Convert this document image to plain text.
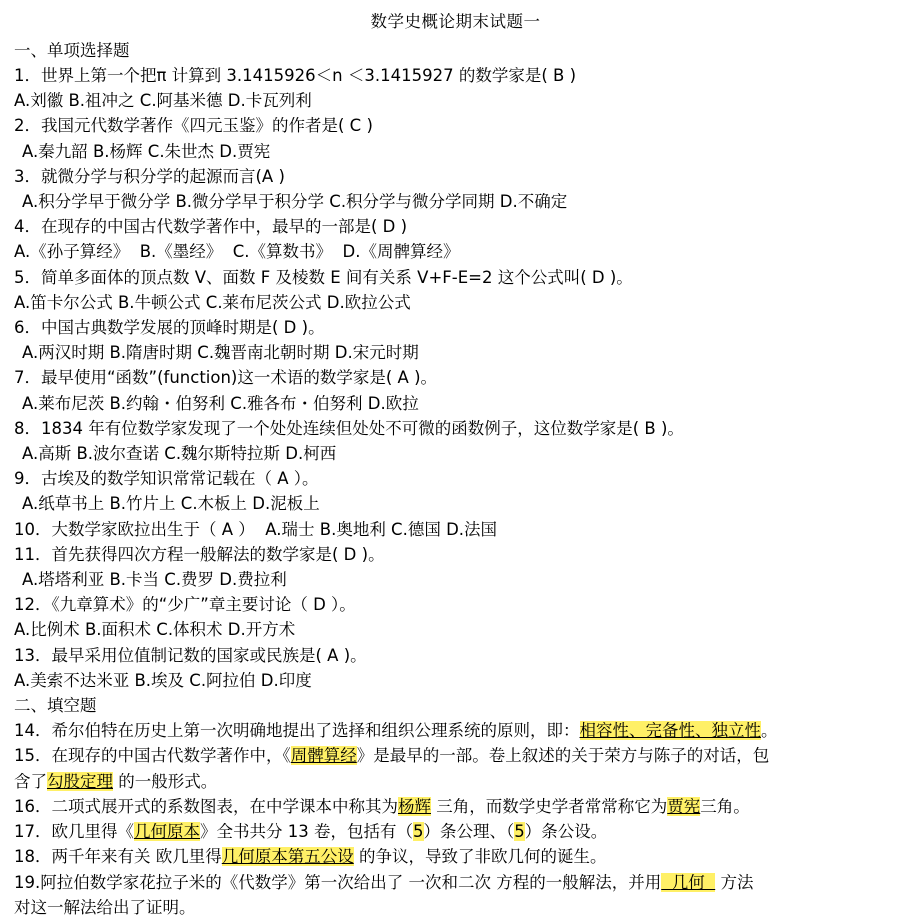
数学史概论期末试题一
一、单项选择题
1．世界上第一个把π 计算到 3.1415926＜n ＜3.1415927 的数学家是( B )
A.刘徽 B.祖冲之 C.阿基米德 D.卡瓦列利
2．我国元代数学著作《四元玉鉴》的作者是( C )
A.秦九韶 B.杨辉 C.朱世杰 D.贾宪
3．就微分学与积分学的起源而言(A )
A.积分学早于微分学 B.微分学早于积分学 C.积分学与微分学同期 D.不确定
4．在现存的中国古代数学著作中，最早的一部是( D )
A.《孙子算经》  B.《墨经》  C.《算数书》  D.《周髀算经》
5．简单多面体的顶点数 V、面数 F 及棱数 E 间有关系 V+F-E=2 这个公式叫( D )。
A.笛卡尔公式 B.牛顿公式 C.莱布尼茨公式 D.欧拉公式
6．中国古典数学发展的顶峰时期是( D )。
A.两汉时期 B.隋唐时期 C.魏晋南北朝时期 D.宋元时期
7．最早使用“函数”(function)这一术语的数学家是( A )。
A.莱布尼茨 B.约翰・伯努利 C.雅各布・伯努利 D.欧拉
8．1834 年有位数学家发现了一个处处连续但处处不可微的函数例子，这位数学家是( B )。
A.高斯 B.波尔查诺 C.魏尔斯特拉斯 D.柯西
9．古埃及的数学知识常常记载在（ A ）。
A.纸草书上 B.竹片上 C.木板上 D.泥板上
10．大数学家欧拉出生于（ A ）  A.瑞士 B.奥地利 C.德国 D.法国
11．首先获得四次方程一般解法的数学家是( D )。
A.塔塔利亚 B.卡当 C.费罗 D.费拉利
12．《九章算术》的“少广”章主要讨论（ D ）。
A.比例术 B.面积术 C.体积术 D.开方术
13．最早采用位值制记数的国家或民族是( A )。
A.美索不达米亚 B.埃及 C.阿拉伯 D.印度
二、填空题
14．希尔伯特在历史上第一次明确地提出了选择和组织公理系统的原则，即：相容性、完备性、独立性。
15．在现存的中国古代数学著作中，《周髀算经》是最早的一部。卷上叙述的关于荣方与陈子的对话，包
含了勾股定理 的一般形式。
16．二项式展开式的系数图表，在中学课本中称其为杨辉 三角，而数学史学者常常称它为贾宪三角。
17．欧几里得《几何原本》全书共分 13 卷，包括有（5）条公理、（5）条公设。
18．两千年来有关 欧几里得几何原本第五公设 的争议，导致了非欧几何的诞生。
19.阿拉伯数学家花拉子米的《代数学》第一次给出了 一次和二次 方程的一般解法，并用  几何   方法
对这一解法给出了证明。
